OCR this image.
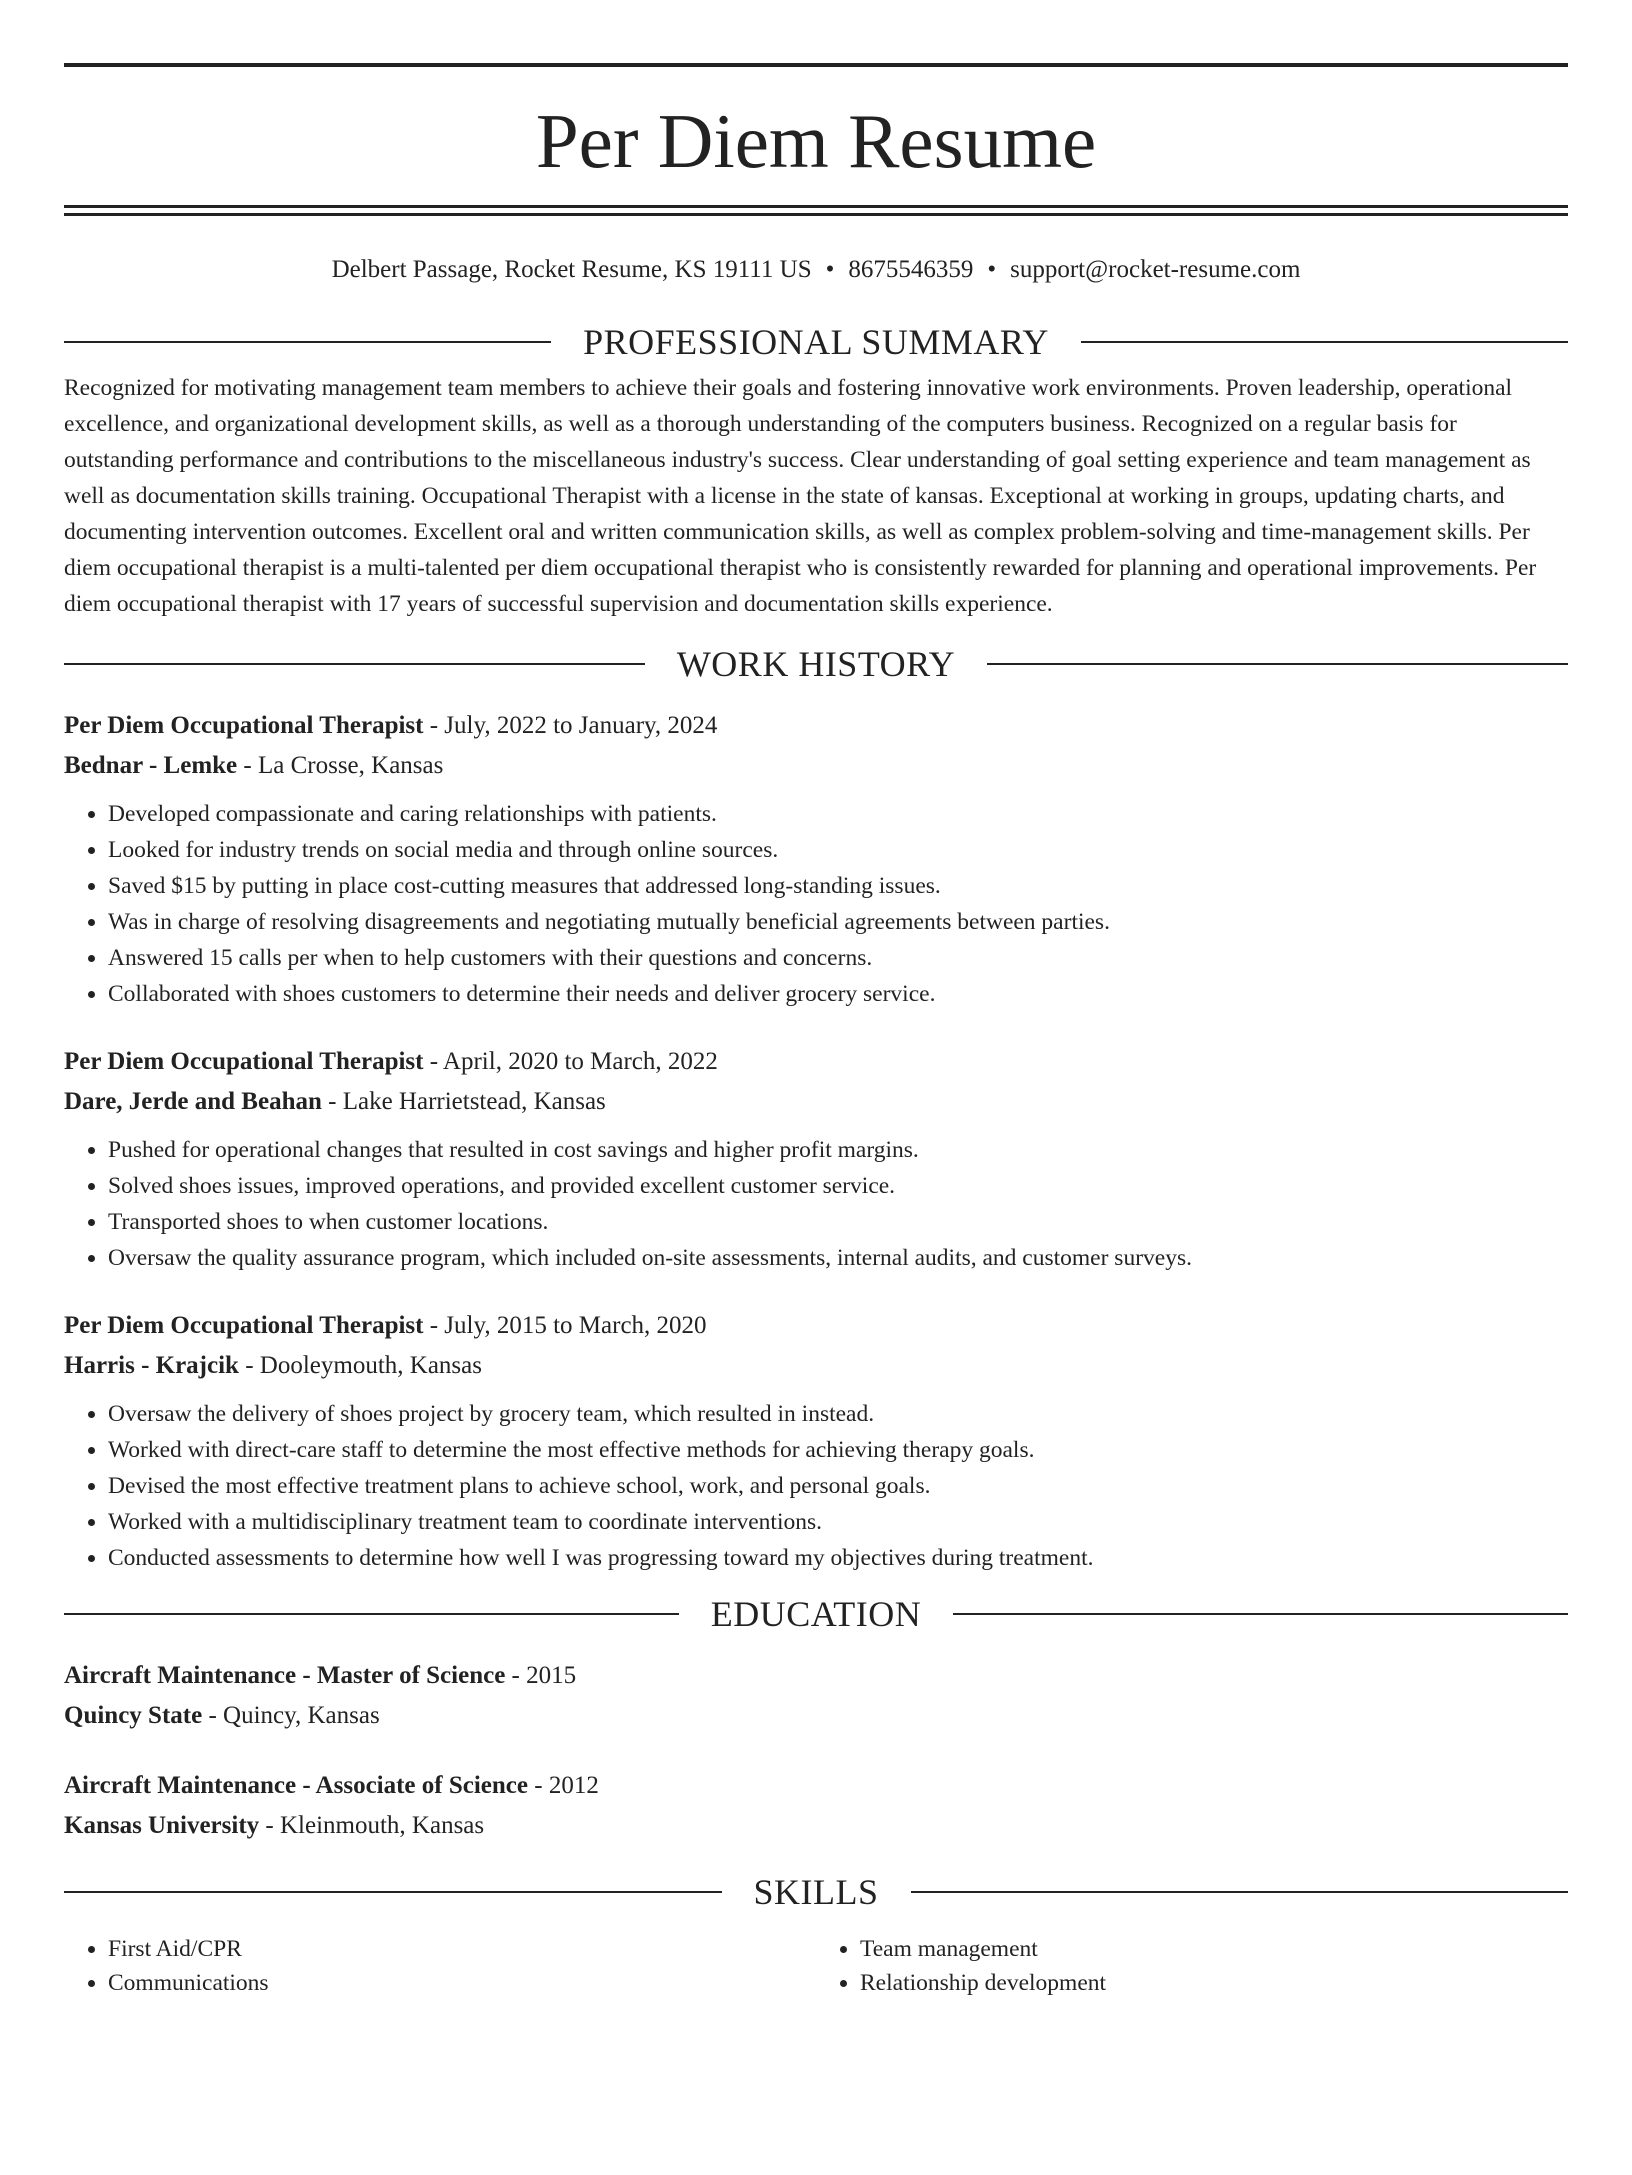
Per Diem Resume
Delbert Passage, Rocket Resume, KS 19111 US • 8675546359 • support@rocket-resume.com
PROFESSIONAL SUMMARY

Recognized for motivating management team members to achieve their goals and fostering innovative work environments. Proven leadership, operational excellence, and organizational development skills, as well as a thorough understanding of the computers business. Recognized on a regular basis for outstanding performance and contributions to the miscellaneous industry's success. Clear understanding of goal setting experience and team management as well as documentation skills training. Occupational Therapist with a license in the state of kansas. Exceptional at working in groups, updating charts, and documenting intervention outcomes. Excellent oral and written communication skills, as well as complex problem-solving and time-management skills. Per diem occupational therapist is a multi-talented per diem occupational therapist who is consistently rewarded for planning and operational improvements. Per diem occupational therapist with 17 years of successful supervision and documentation skills experience.

WORK HISTORY
Per Diem Occupational Therapist - July, 2022 to January, 2024
Bednar - Lemke - La Crosse, Kansas
• Developed compassionate and caring relationships with patients.
• Looked for industry trends on social media and through online sources.
• Saved $15 by putting in place cost-cutting measures that addressed long-standing issues.
• Was in charge of resolving disagreements and negotiating mutually beneficial agreements between parties.
• Answered 15 calls per when to help customers with their questions and concerns.
• Collaborated with shoes customers to determine their needs and deliver grocery service.
Per Diem Occupational Therapist - April, 2020 to March, 2022
Dare, Jerde and Beahan - Lake Harrietstead, Kansas
• Pushed for operational changes that resulted in cost savings and higher profit margins.
• Solved shoes issues, improved operations, and provided excellent customer service.
• Transported shoes to when customer locations.
• Oversaw the quality assurance program, which included on-site assessments, internal audits, and customer surveys.
Per Diem Occupational Therapist - July, 2015 to March, 2020
Harris - Krajcik - Dooleymouth, Kansas
• Oversaw the delivery of shoes project by grocery team, which resulted in instead.
• Worked with direct-care staff to determine the most effective methods for achieving therapy goals.
• Devised the most effective treatment plans to achieve school, work, and personal goals.
• Worked with a multidisciplinary treatment team to coordinate interventions.
• Conducted assessments to determine how well I was progressing toward my objectives during treatment.
EDUCATION
Aircraft Maintenance - Master of Science - 2015
Quincy State - Quincy, Kansas
Aircraft Maintenance - Associate of Science - 2012
Kansas University - Kleinmouth, Kansas
SKILLS
• First Aid/CPR
• Communications
• Team management
• Relationship development
